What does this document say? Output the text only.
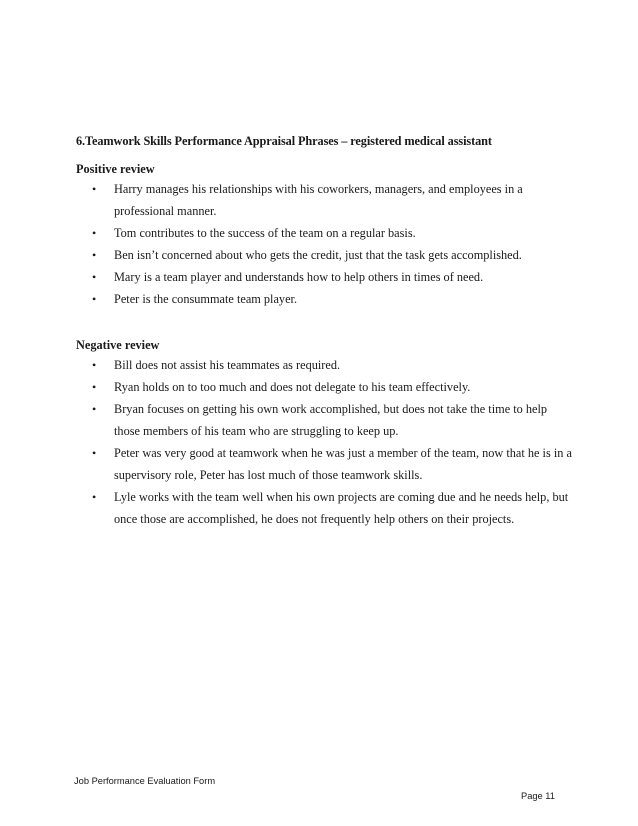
6.Teamwork Skills Performance Appraisal Phrases – registered medical assistant
Positive review
• Harry manages his relationships with his coworkers, managers, and employees in a professional manner.
• Tom contributes to the success of the team on a regular basis.
• Ben isn’t concerned about who gets the credit, just that the task gets accomplished.
• Mary is a team player and understands how to help others in times of need.
• Peter is the consummate team player.
Negative review
• Bill does not assist his teammates as required.
• Ryan holds on to too much and does not delegate to his team effectively.
• Bryan focuses on getting his own work accomplished, but does not take the time to help those members of his team who are struggling to keep up.
• Peter was very good at teamwork when he was just a member of the team, now that he is in a supervisory role, Peter has lost much of those teamwork skills.
• Lyle works with the team well when his own projects are coming due and he needs help, but once those are accomplished, he does not frequently help others on their projects.
Job Performance Evaluation Form
Page 11
